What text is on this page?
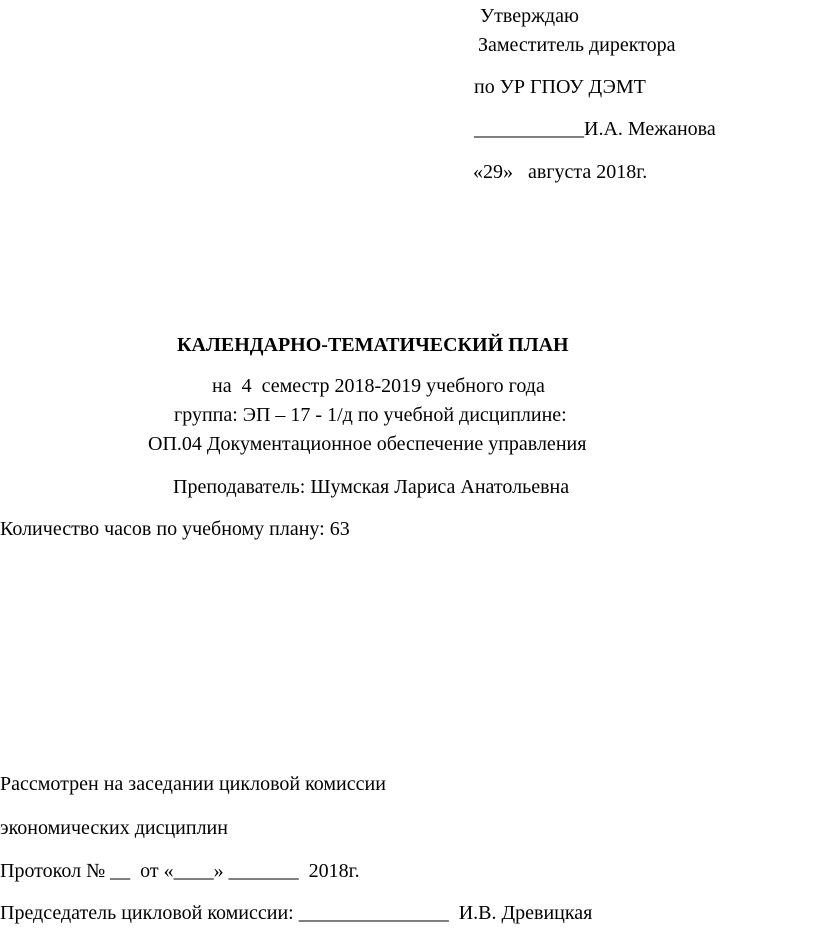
Утверждаю
Заместитель директора
по УР ГПОУ ДЭМТ
___________И.А. Межанова
«29»   августа 2018г.
КАЛЕНДАРНО-ТЕМАТИЧЕСКИЙ ПЛАН
на  4  семестр 2018-2019 учебного года
группа: ЭП – 17 - 1/д по учебной дисциплине:
ОП.04 Документационное обеспечение управления
Преподаватель: Шумская Лариса Анатольевна
Количество часов по учебному плану: 63
Рассмотрен на заседании цикловой комиссии
экономических дисциплин
Протокол № __  от «____» _______  2018г.
Председатель цикловой комиссии: _______________  И.В. Древицкая
